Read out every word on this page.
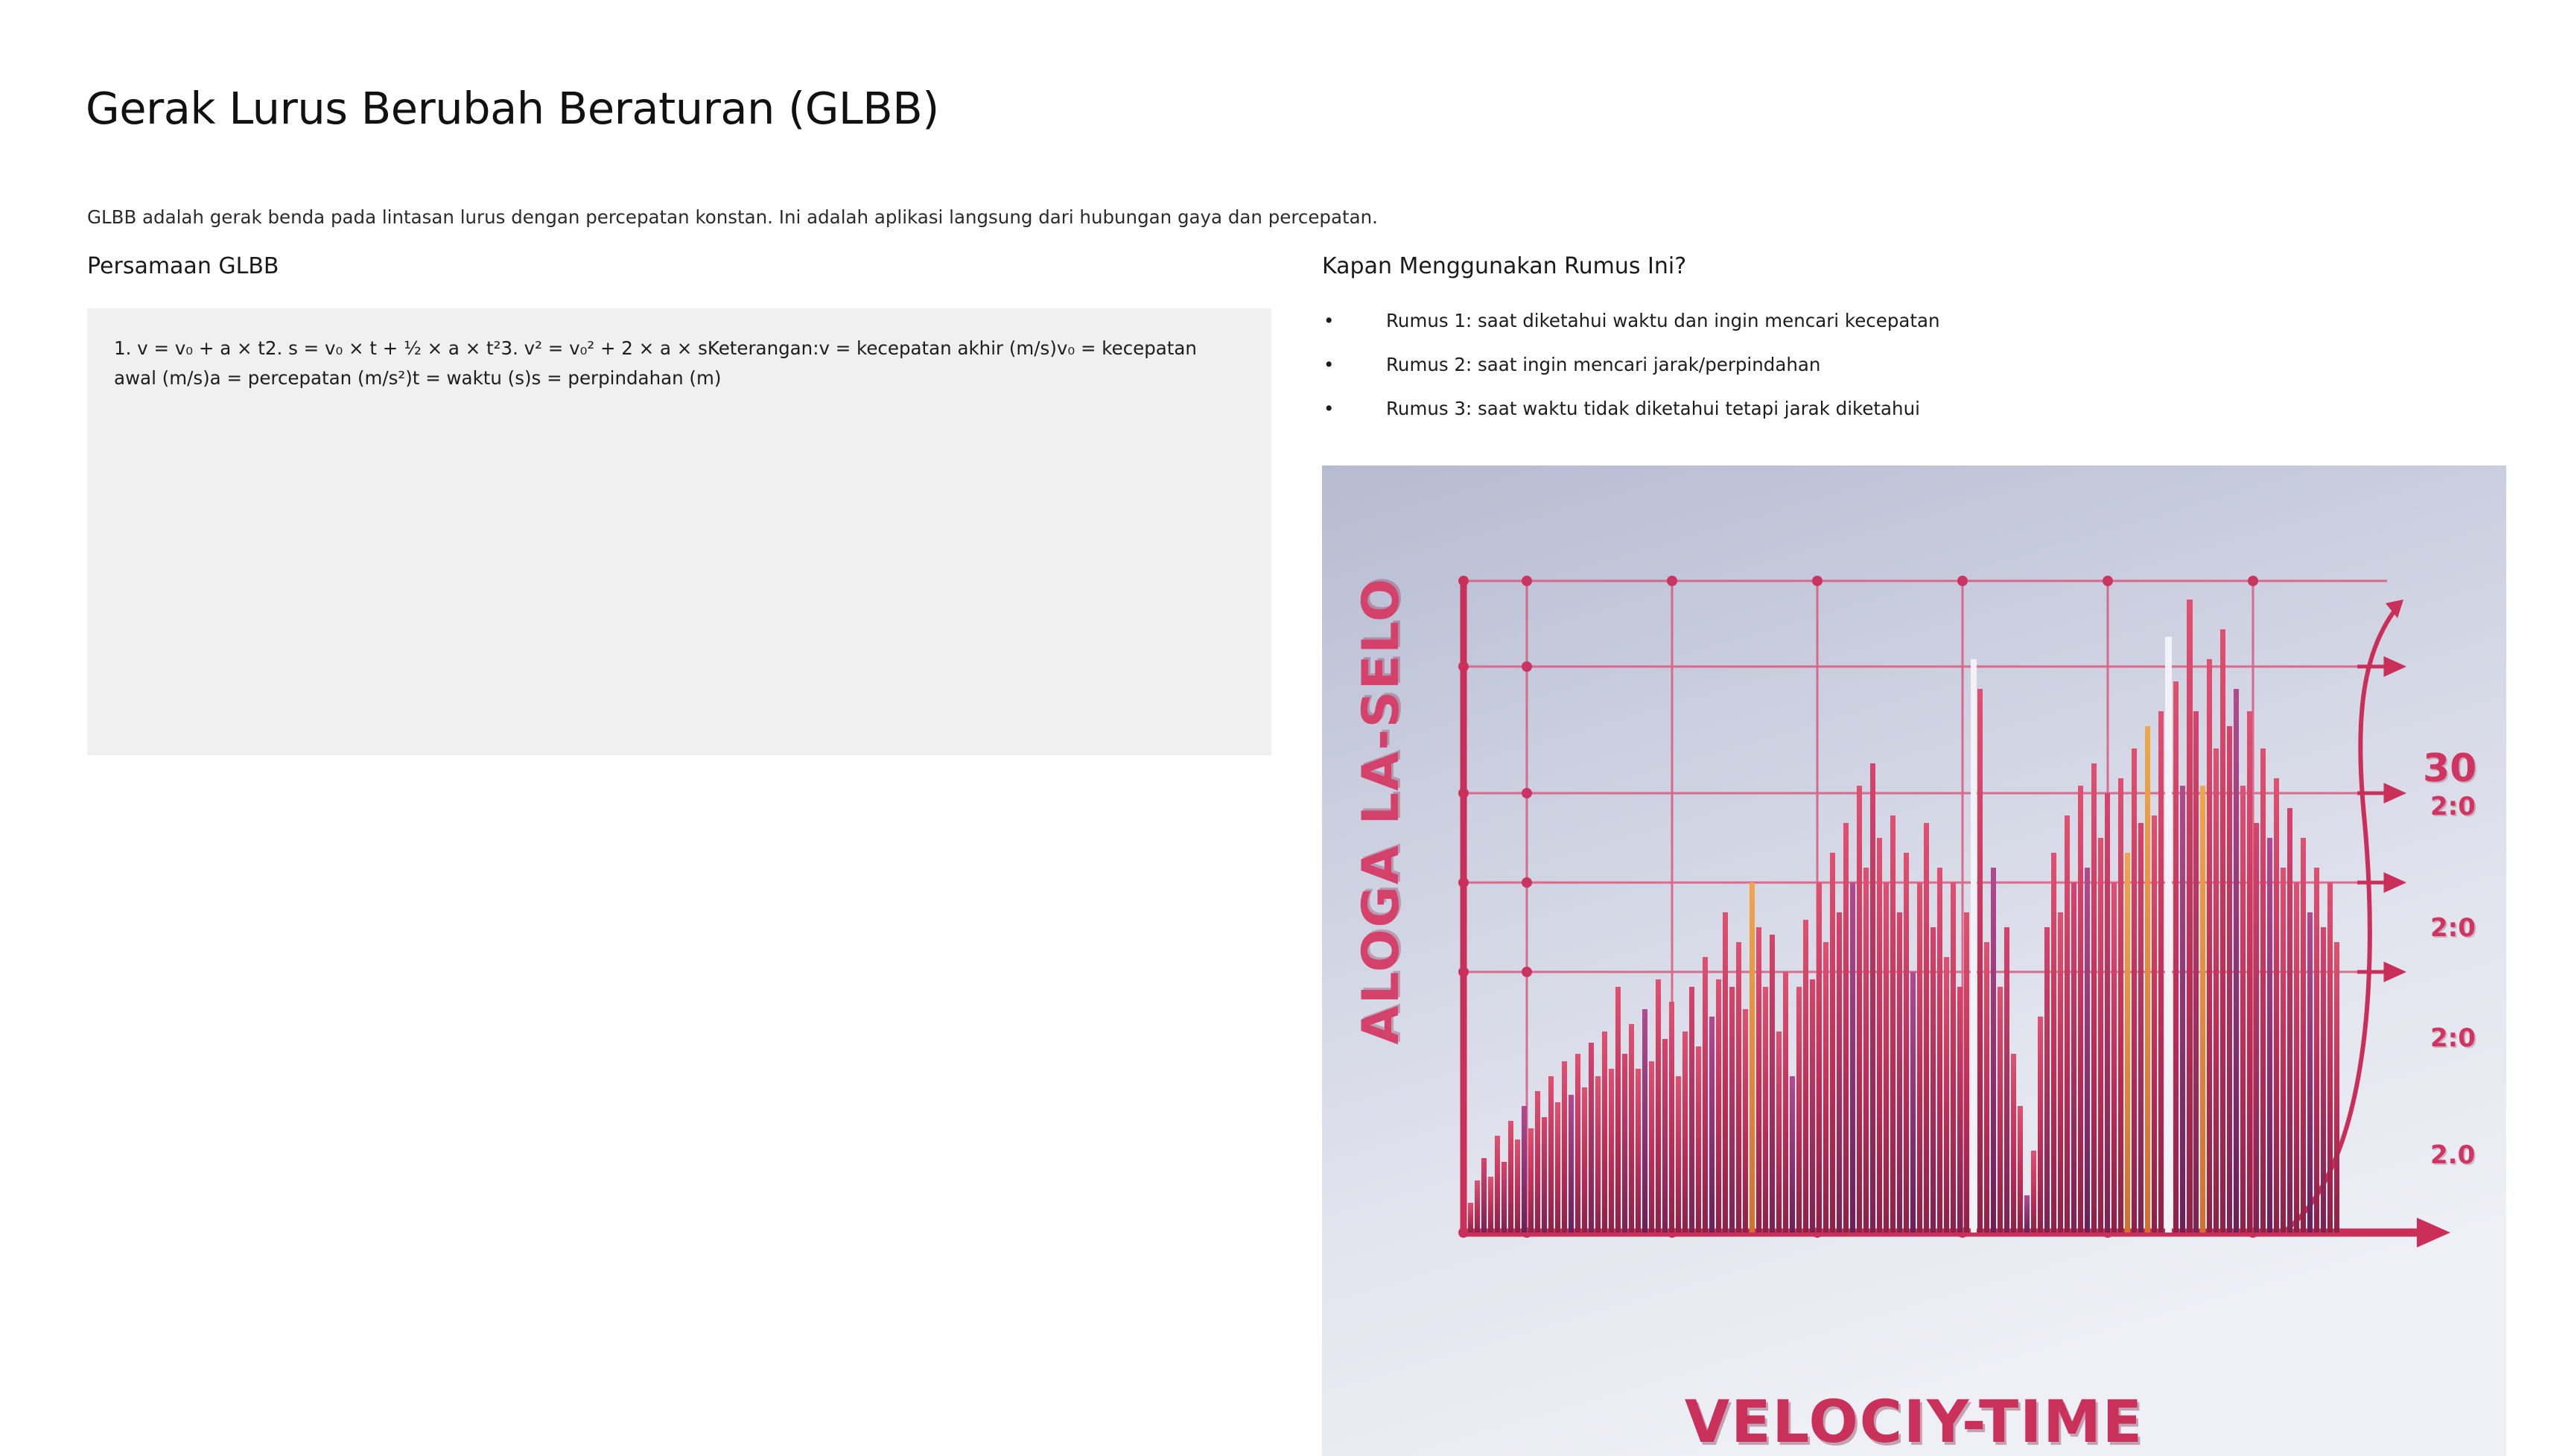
Gerak Lurus Berubah Beraturan (GLBB)

GLBB adalah gerak benda pada lintasan lurus dengan percepatan konstan. Ini adalah aplikasi langsung dari hubungan gaya dan percepatan.

Persamaan GLBB
1. v = v₀ + a × t2. s = v₀ × t + ½ × a × t²3. v² = v₀² + 2 × a × sKeterangan:v = kecepatan akhir (m/s)v₀ = kecepatan awal (m/s)a = percepatan (m/s²)t = waktu (s)s = perpindahan (m)
Kapan Menggunakan Rumus Ini?
•	Rumus 1: saat diketahui waktu dan ingin mencari kecepatan
•	Rumus 2: saat ingin mencari jarak/perpindahan
•	Rumus 3: saat waktu tidak diketahui tetapi jarak diketahui
ALOGA LA-SELO	30
2:0
2:0
2:0
2.0
VELOCIY-TIME
